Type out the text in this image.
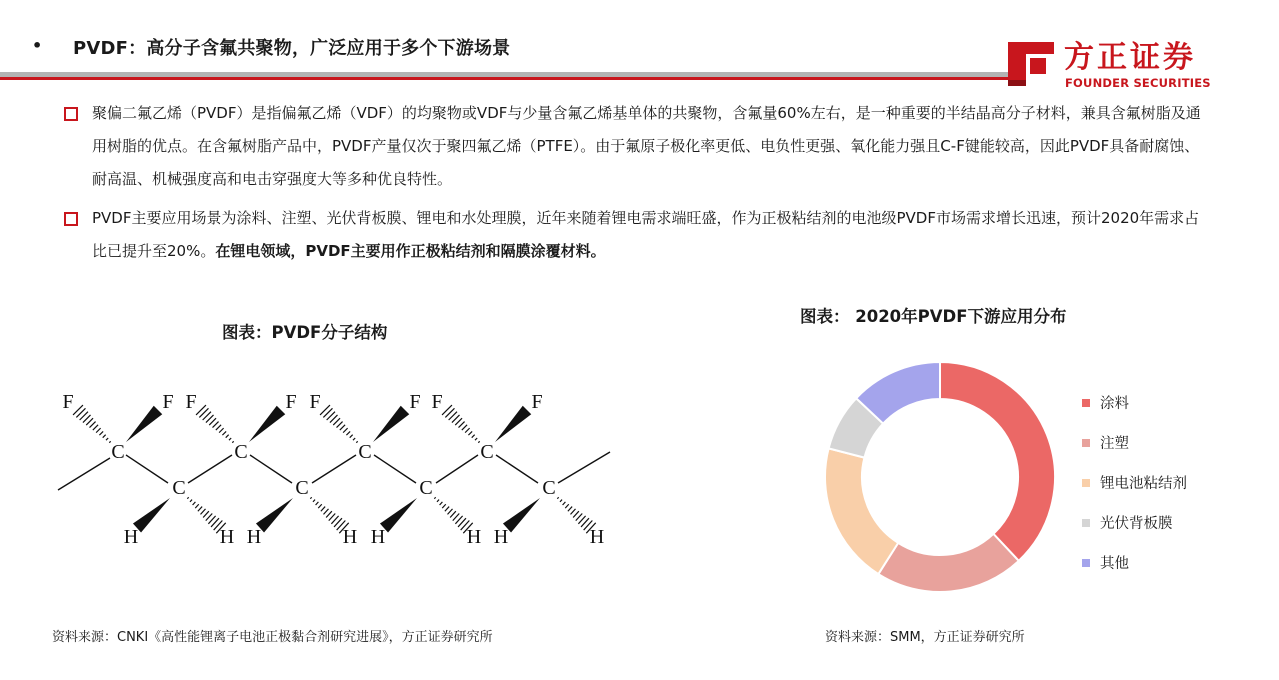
• PVDF：高分子含氟共聚物，广泛应用于多个下游场景	方正证券
FOUNDER SECURITIES
聚偏二氟乙烯（PVDF）是指偏氟乙烯（VDF）的均聚物或VDF与少量含氟乙烯基单体的共聚物，含氟量60%左右，是一种重要的半结晶高分子材料，兼具含氟树脂及通用树脂的优点。在含氟树脂产品中，PVDF产量仅次于聚四氟乙烯（PTFE）。由于氟原子极化率更低、电负性更强、氧化能力强且C-F键能较高，因此PVDF具备耐腐蚀、耐高温、机械强度高和电击穿强度大等多种优良特性。
PVDF主要应用场景为涂料、注塑、光伏背板膜、锂电和水处理膜，近年来随着锂电需求端旺盛，作为正极粘结剂的电池级PVDF市场需求增长迅速，预计2020年需求占比已提升至20%。在锂电领域，PVDF主要用作正极粘结剂和隔膜涂覆材料。
图表：PVDF分子结构
C
F	F
C
F	F
C
F	F
C
F	F
C
H	H
C
H	H
C
H	H
C
H	H
图表： 2020年PVDF下游应用分布
涂料
注塑
锂电池粘结剂
光伏背板膜
其他
资料来源：CNKI《高性能锂离子电池正极黏合剂研究进展》，方正证券研究所	资料来源：SMM，方正证券研究所
